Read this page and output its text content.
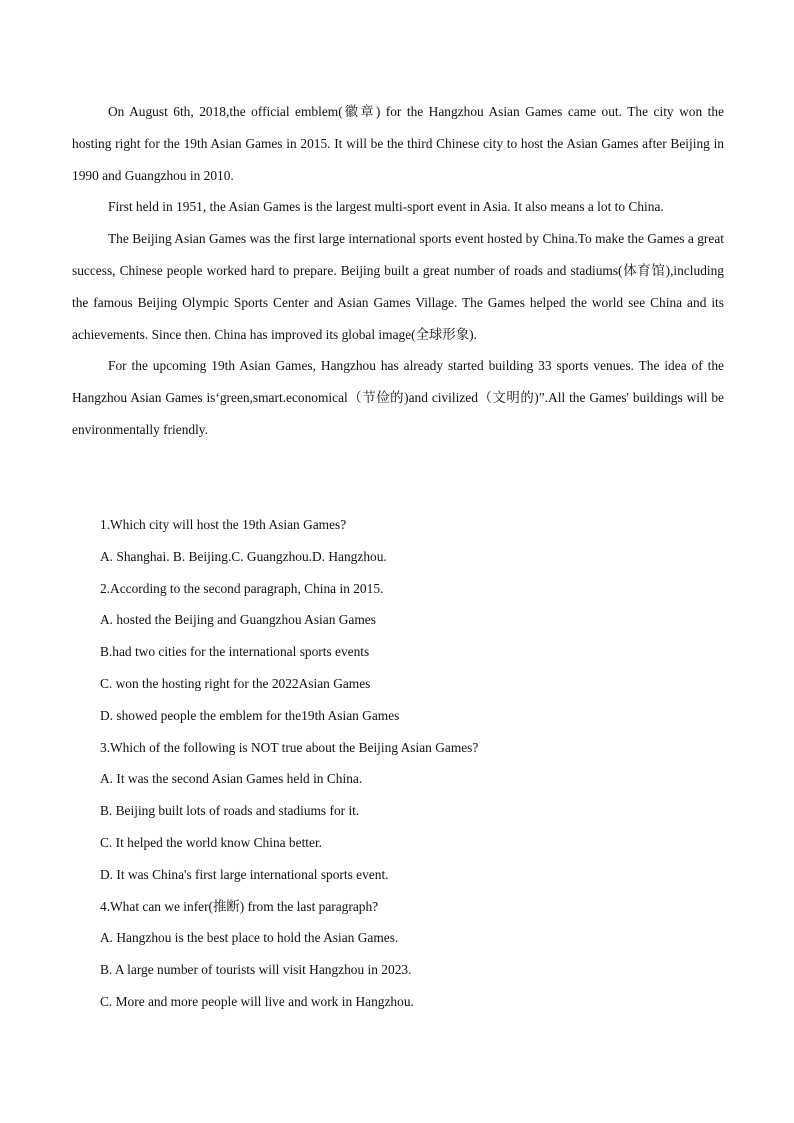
On August 6th, 2018,the official emblem(徽章) for the Hangzhou Asian Games came out. The city won the hosting right for the 19th Asian Games in 2015. It will be the third Chinese city to host the Asian Games after Beijing in 1990 and Guangzhou in 2010.

First held in 1951, the Asian Games is the largest multi-sport event in Asia. It also means a lot to China.

The Beijing Asian Games was the first large international sports event hosted by China.To make the Games a great success, Chinese people worked hard to prepare. Beijing built a great number of roads and stadiums(体育馆),including the famous Beijing Olympic Sports Center and Asian Games Village. The Games helped the world see China and its achievements. Since then. China has improved its global image(全球形象).

For the upcoming 19th Asian Games, Hangzhou has already started building 33 sports venues. The idea of the Hangzhou Asian Games is‘green,smart.economical（节俭的)and civilized（文明的)”.All the Games' buildings will be environmentally friendly.

1.Which city will host the 19th Asian Games?

A. Shanghai. B. Beijing.C. Guangzhou.D. Hangzhou.

2.According to the second paragraph, China in 2015.

A. hosted the Beijing and Guangzhou Asian Games

B.had two cities for the international sports events

C. won the hosting right for the 2022Asian Games

D. showed people the emblem for the19th Asian Games

3.Which of the following is NOT true about the Beijing Asian Games?

A. It was the second Asian Games held in China.

B. Beijing built lots of roads and stadiums for it.

C. It helped the world know China better.

D. It was China's first large international sports event.

4.What can we infer(推断) from the last paragraph?

A. Hangzhou is the best place to hold the Asian Games.

B. A large number of tourists will visit Hangzhou in 2023.

C. More and more people will live and work in Hangzhou.
